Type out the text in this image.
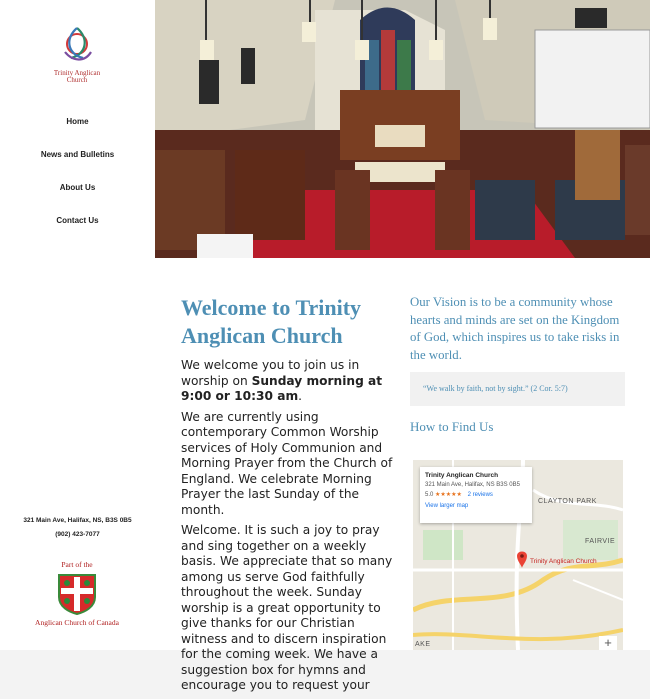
Trinity Anglican
Church
Home
News and Bulletins
About Us
Contact Us
321 Main Ave, Halifax, NS, B3S 0B5
(902) 423-7077
Part of the
Anglican Church of Canada
Welcome to Trinity Anglican Church

We welcome you to join us in worship on Sunday morning at 9:00 or 10:30 am.

We are currently using contemporary Common Worship services of Holy Communion and Morning Prayer from the Church of England. We celebrate Morning Prayer the last Sunday of the month.

Welcome. It is such a joy to pray and sing together on a weekly basis. We appreciate that so many among us serve God faithfully throughout the week. Sunday worship is a great opportunity to give thanks for our Christian witness and to discern inspiration for the coming week. We have a suggestion box for hymns and encourage you to request your

Our Vision is to be a community whose hearts and minds are set on the Kingdom of God, which inspires us to take risks in the world.
“We walk by faith, not by sight.” (2 Cor. 5:7)
How to Find Us
CLAYTON PARK
FAIRVIE
AKE
Trinity Anglican Church
Trinity Anglican Church
321 Main Ave, Halifax, NS B3S 0B5
5.0 ★★★★★ 2 reviews
View larger map
+
